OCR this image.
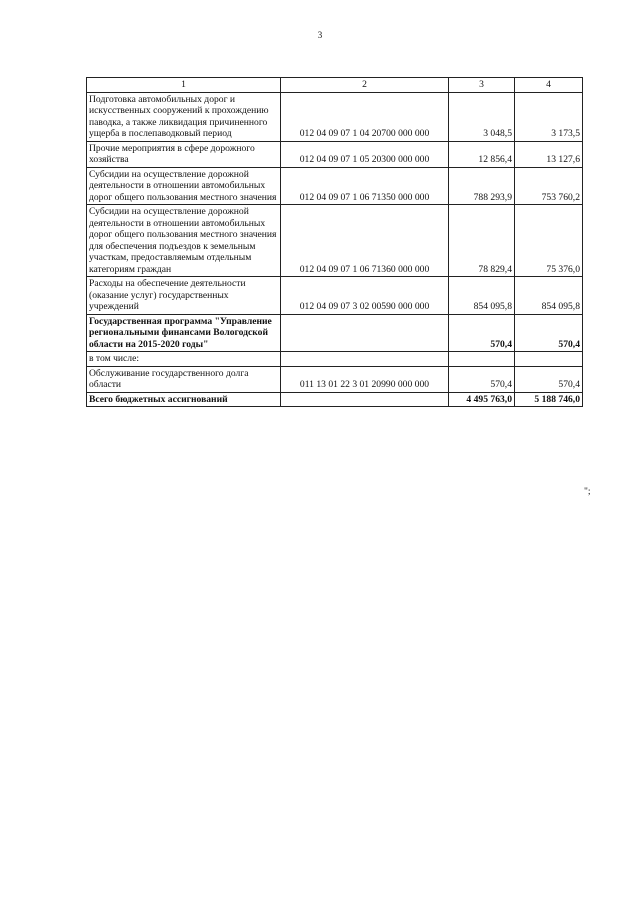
3
1	2	3	4
Подготовка автомобильных дорог и искусственных сооружений к прохождению паводка, а также ликвидация причиненного ущерба в послепаводковый период	012 04 09 07 1 04 20700 000 000	3 048,5	3 173,5
Прочие мероприятия в сфере дорожного хозяйства	012 04 09 07 1 05 20300 000 000	12 856,4	13 127,6
Субсидии на осуществление дорожной деятельности в отношении автомобильных дорог общего пользования местного значения	012 04 09 07 1 06 71350 000 000	788 293,9	753 760,2
Субсидии на осуществление дорожной деятельности в отношении автомобильных дорог общего пользования местного значения для обеспечения подъездов к земельным участкам, предоставляемым отдельным категориям граждан	012 04 09 07 1 06 71360 000 000	78 829,4	75 376,0
Расходы на обеспечение деятельности (оказание услуг) государственных учреждений	012 04 09 07 3 02 00590 000 000	854 095,8	854 095,8
Государственная программа "Управление региональными финансами Вологодской области на 2015-2020 годы"		570,4	570,4
в том числе:			
Обслуживание государственного долга области	011 13 01 22 3 01 20990 000 000	570,4	570,4
Всего бюджетных ассигнований		4 495 763,0	5 188 746,0
";
